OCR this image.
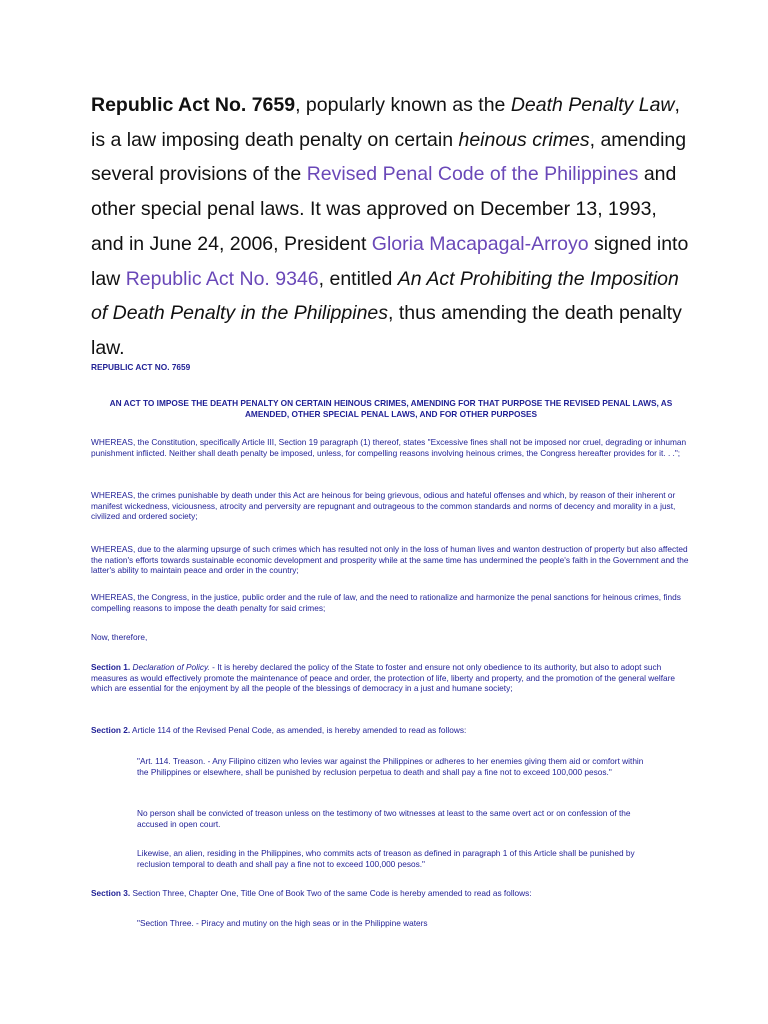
Republic Act No. 7659, popularly known as the Death Penalty Law, is a law imposing death penalty on certain heinous crimes, amending several provisions of the Revised Penal Code of the Philippines and other special penal laws. It was approved on December 13, 1993, and in June 24, 2006, President Gloria Macapagal-Arroyo signed into law Republic Act No. 9346, entitled An Act Prohibiting the Imposition of Death Penalty in the Philippines, thus amending the death penalty law.

REPUBLIC ACT NO. 7659

AN ACT TO IMPOSE THE DEATH PENALTY ON CERTAIN HEINOUS CRIMES, AMENDING FOR THAT PURPOSE THE REVISED PENAL LAWS, AS AMENDED, OTHER SPECIAL PENAL LAWS, AND FOR OTHER PURPOSES

WHEREAS, the Constitution, specifically Article III, Section 19 paragraph (1) thereof, states "Excessive fines shall not be imposed nor cruel, degrading or inhuman punishment inflicted. Neither shall death penalty be imposed, unless, for compelling reasons involving heinous crimes, the Congress hereafter provides for it. . .";

WHEREAS, the crimes punishable by death under this Act are heinous for being grievous, odious and hateful offenses and which, by reason of their inherent or manifest wickedness, viciousness, atrocity and perversity are repugnant and outrageous to the common standards and norms of decency and morality in a just, civilized and ordered society;

WHEREAS, due to the alarming upsurge of such crimes which has resulted not only in the loss of human lives and wanton destruction of property but also affected the nation's efforts towards sustainable economic development and prosperity while at the same time has undermined the people's faith in the Government and the latter's ability to maintain peace and order in the country;

WHEREAS, the Congress, in the justice, public order and the rule of law, and the need to rationalize and harmonize the penal sanctions for heinous crimes, finds compelling reasons to impose the death penalty for said crimes;

Now, therefore,

Section 1. Declaration of Policy. - It is hereby declared the policy of the State to foster and ensure not only obedience to its authority, but also to adopt such measures as would effectively promote the maintenance of peace and order, the protection of life, liberty and property, and the promotion of the general welfare which are essential for the enjoyment by all the people of the blessings of democracy in a just and humane society;

Section 2. Article 114 of the Revised Penal Code, as amended, is hereby amended to read as follows:

"Art. 114. Treason. - Any Filipino citizen who levies war against the Philippines or adheres to her enemies giving them aid or comfort within the Philippines or elsewhere, shall be punished by reclusion perpetua to death and shall pay a fine not to exceed 100,000 pesos."

No person shall be convicted of treason unless on the testimony of two witnesses at least to the same overt act or on confession of the accused in open court.

Likewise, an alien, residing in the Philippines, who commits acts of treason as defined in paragraph 1 of this Article shall be punished by reclusion temporal to death and shall pay a fine not to exceed 100,000 pesos."

Section 3. Section Three, Chapter One, Title One of Book Two of the same Code is hereby amended to read as follows:

"Section Three. - Piracy and mutiny on the high seas or in the Philippine waters
